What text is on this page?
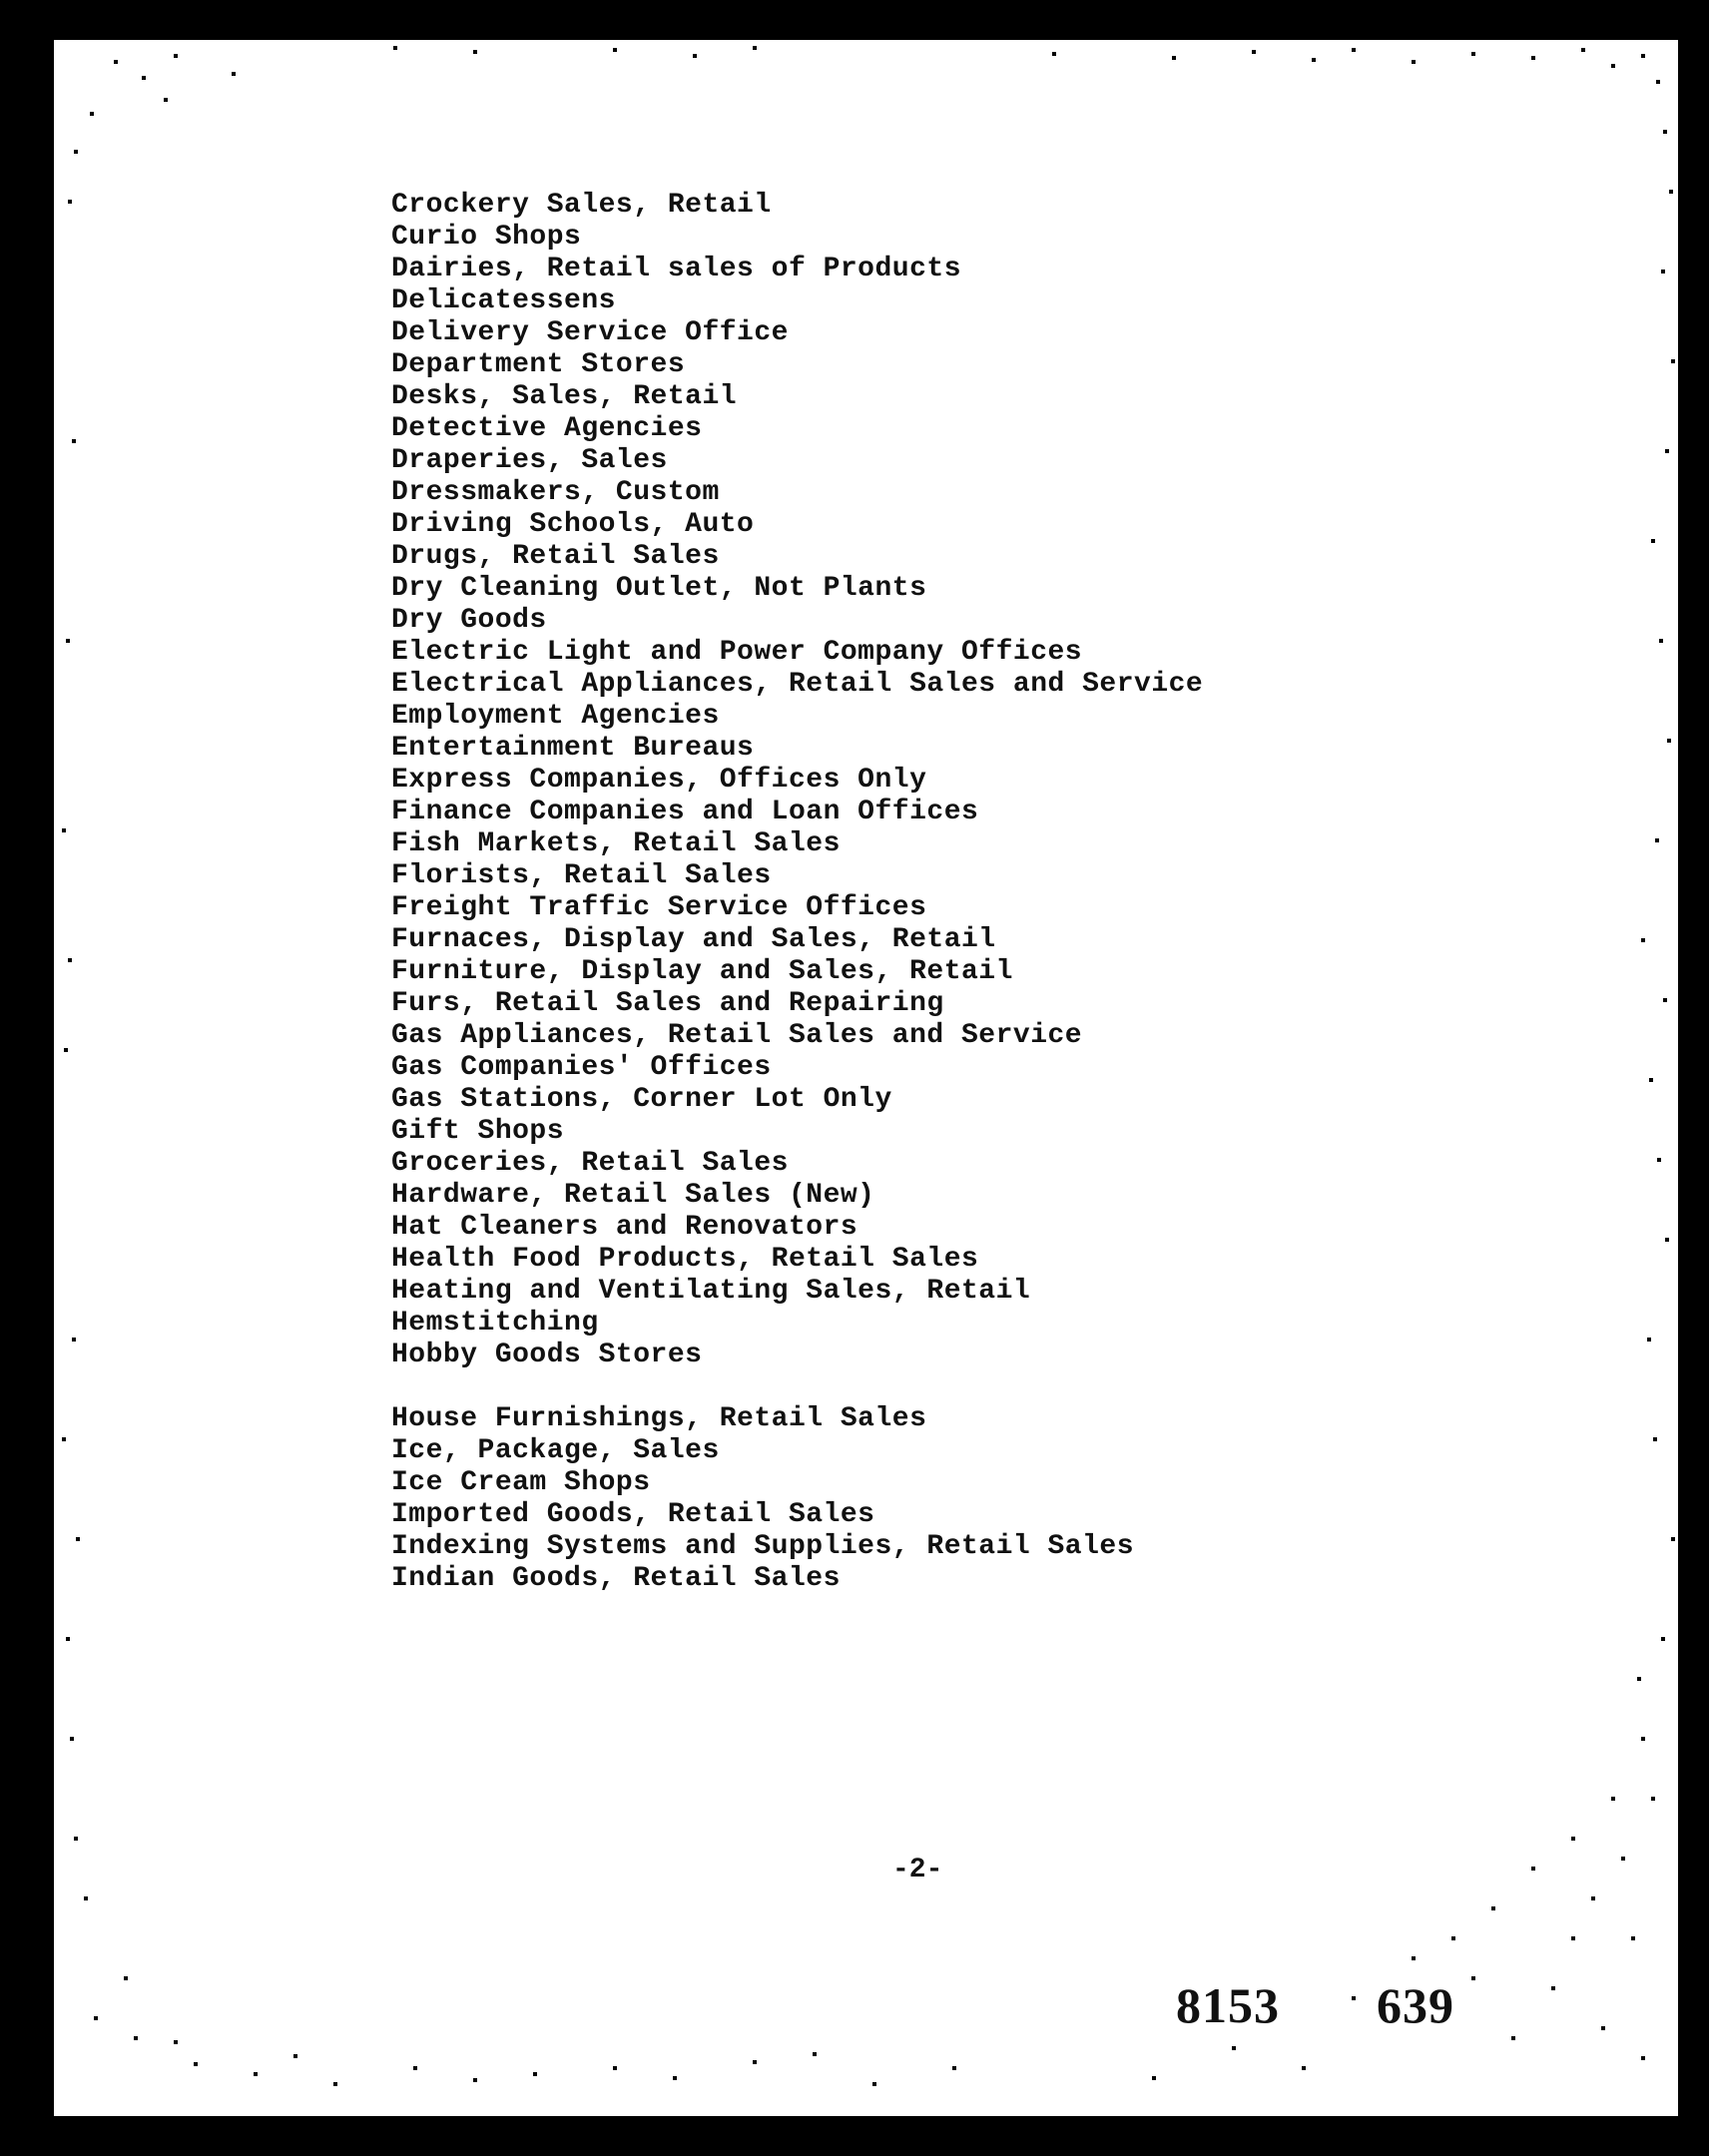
Crockery Sales, Retail
Curio Shops
Dairies, Retail sales of Products
Delicatessens
Delivery Service Office
Department Stores
Desks, Sales, Retail
Detective Agencies
Draperies, Sales
Dressmakers, Custom
Driving Schools, Auto
Drugs, Retail Sales
Dry Cleaning Outlet, Not Plants
Dry Goods
Electric Light and Power Company Offices
Electrical Appliances, Retail Sales and Service
Employment Agencies
Entertainment Bureaus
Express Companies, Offices Only
Finance Companies and Loan Offices
Fish Markets, Retail Sales
Florists, Retail Sales
Freight Traffic Service Offices
Furnaces, Display and Sales, Retail
Furniture, Display and Sales, Retail
Furs, Retail Sales and Repairing
Gas Appliances, Retail Sales and Service
Gas Companies' Offices
Gas Stations, Corner Lot Only
Gift Shops
Groceries, Retail Sales
Hardware, Retail Sales (New)
Hat Cleaners and Renovators
Health Food Products, Retail Sales
Heating and Ventilating Sales, Retail
Hemstitching
Hobby Goods Stores
House Furnishings, Retail Sales
Ice, Package, Sales
Ice Cream Shops
Imported Goods, Retail Sales
Indexing Systems and Supplies, Retail Sales
Indian Goods, Retail Sales
-2-
8153 639
